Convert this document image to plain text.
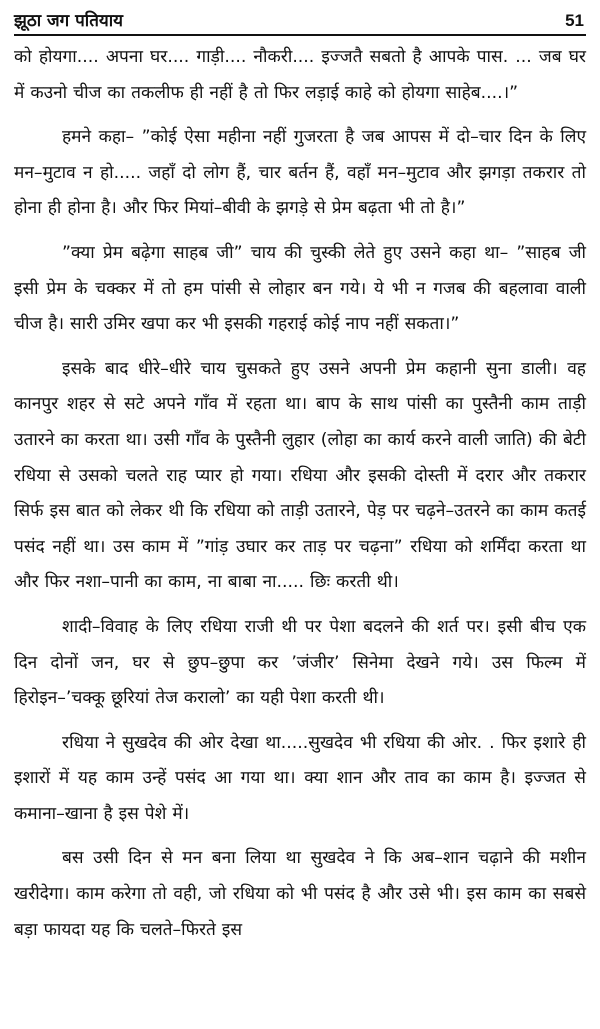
झूठा जग पतियाय	51

को होयगा.... अपना घर.... गाड़ी.... नौकरी.... इज्जतै सबतो है आपके पास. ... जब घर में कउनो चीज का तकलीफ ही नहीं है तो फिर लड़ाई काहे को होयगा साहेब....।”

हमने कहा– ”कोई ऐसा महीना नहीं गुजरता है जब आपस में दो–चार दिन के लिए मन–मुटाव न हो..... जहाँ दो लोग हैं, चार बर्तन हैं, वहाँ मन–मुटाव और झगड़ा तकरार तो होना ही होना है। और फिर मियां–बीवी के झगड़े से प्रेम बढ़ता भी तो है।”

”क्या प्रेम बढ़ेगा साहब जी” चाय की चुस्की लेते हुए उसने कहा था– ”साहब जी इसी प्रेम के चक्कर में तो हम पांसी से लोहार बन गये। ये भी न गजब की बहलावा वाली चीज है। सारी उमिर खपा कर भी इसकी गहराई कोई नाप नहीं सकता।”

इसके बाद धीरे–धीरे चाय चुसकते हुए उसने अपनी प्रेम कहानी सुना डाली। वह कानपुर शहर से सटे अपने गाँव में रहता था। बाप के साथ पांसी का पुस्तैनी काम ताड़ी उतारने का करता था। उसी गाँव के पुस्तैनी लुहार (लोहा का कार्य करने वाली जाति) की बेटी रधिया से उसको चलते राह प्यार हो गया। रधिया और इसकी दोस्ती में दरार और तकरार सिर्फ इस बात को लेकर थी कि रधिया को ताड़ी उतारने, पेड़ पर चढ़ने–उतरने का काम कतई पसंद नहीं था। उस काम में ”गांड़ उघार कर ताड़ पर चढ़ना” रधिया को शर्मिंदा करता था और फिर नशा–पानी का काम, ना बाबा ना..... छिः करती थी।

शादी–विवाह के लिए रधिया राजी थी पर पेशा बदलने की शर्त पर। इसी बीच एक दिन दोनों जन, घर से छुप–छुपा कर ’जंजीर’ सिनेमा देखने गये। उस फिल्म में हिरोइन–’चक्कू छूरियां तेज करालो’ का यही पेशा करती थी।

रधिया ने सुखदेव की ओर देखा था.....सुखदेव भी रधिया की ओर. . फिर इशारे ही इशारों में यह काम उन्हें पसंद आ गया था। क्या शान और ताव का काम है। इज्जत से कमाना–खाना है इस पेशे में।

बस उसी दिन से मन बना लिया था सुखदेव ने कि अब–शान चढ़ाने की मशीन खरीदेगा। काम करेगा तो वही, जो रधिया को भी पसंद है और उसे भी। इस काम का सबसे बड़ा फायदा यह कि चलते–फिरते इस
